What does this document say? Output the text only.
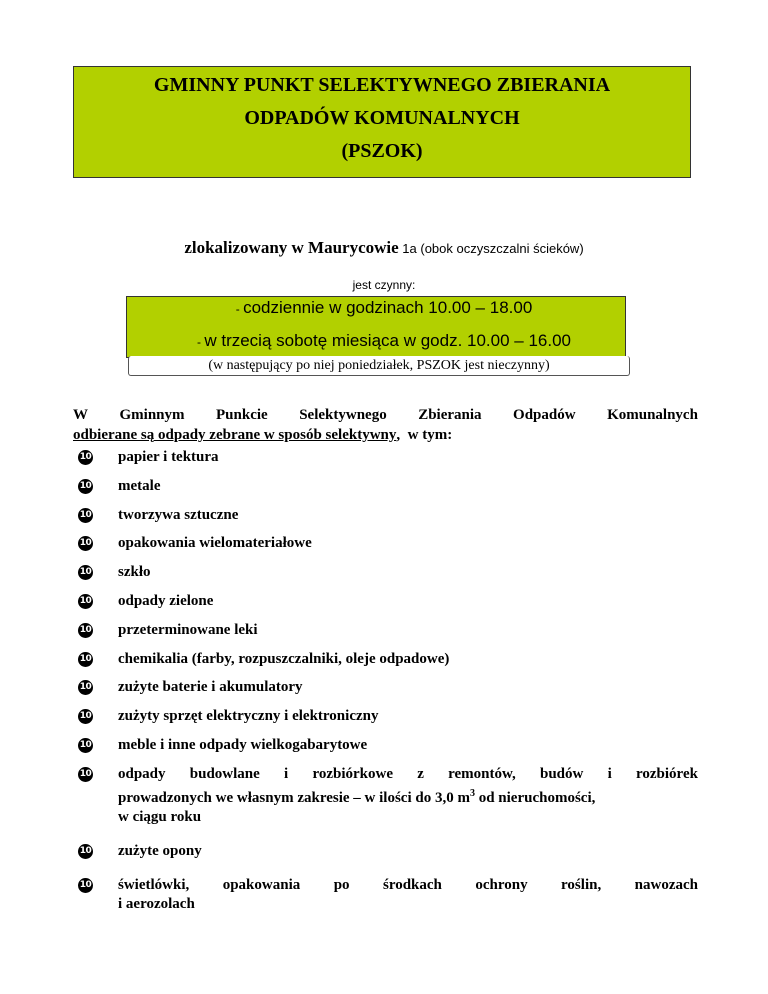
GMINNY PUNKT SELEKTYWNEGO ZBIERANIA
ODPADÓW KOMUNALNYCH
(PSZOK)
zlokalizowany w Maurycowie 1a (obok oczyszczalni ścieków)
jest czynny:
- codziennie w godzinach 10.00 – 18.00
- w trzecią sobotę miesiąca w godz. 10.00 – 16.00
(w następujący po niej poniedziałek, PSZOK jest nieczynny)
W Gminnym Punkcie Selektywnego Zbierania Odpadów Komunalnych
odbierane są odpady zebrane w sposób selektywny,  w tym:
10 papier i tektura
10 metale
10 tworzywa sztuczne
10 opakowania wielomateriałowe
10 szkło
10 odpady zielone
10 przeterminowane leki
10 chemikalia (farby, rozpuszczalniki, oleje odpadowe)
10 zużyte baterie i akumulatory
10 zużyty sprzęt elektryczny i elektroniczny
10 meble i inne odpady wielkogabarytowe
10 odpady budowlane i rozbiórkowe z remontów, budów i rozbiórek
prowadzonych we własnym zakresie – w ilości do 3,0 $m^3$ od nieruchomości,
w ciągu roku
10 zużyte opony
10 świetlówki, opakowania po środkach ochrony roślin, nawozach
i aerozolach
